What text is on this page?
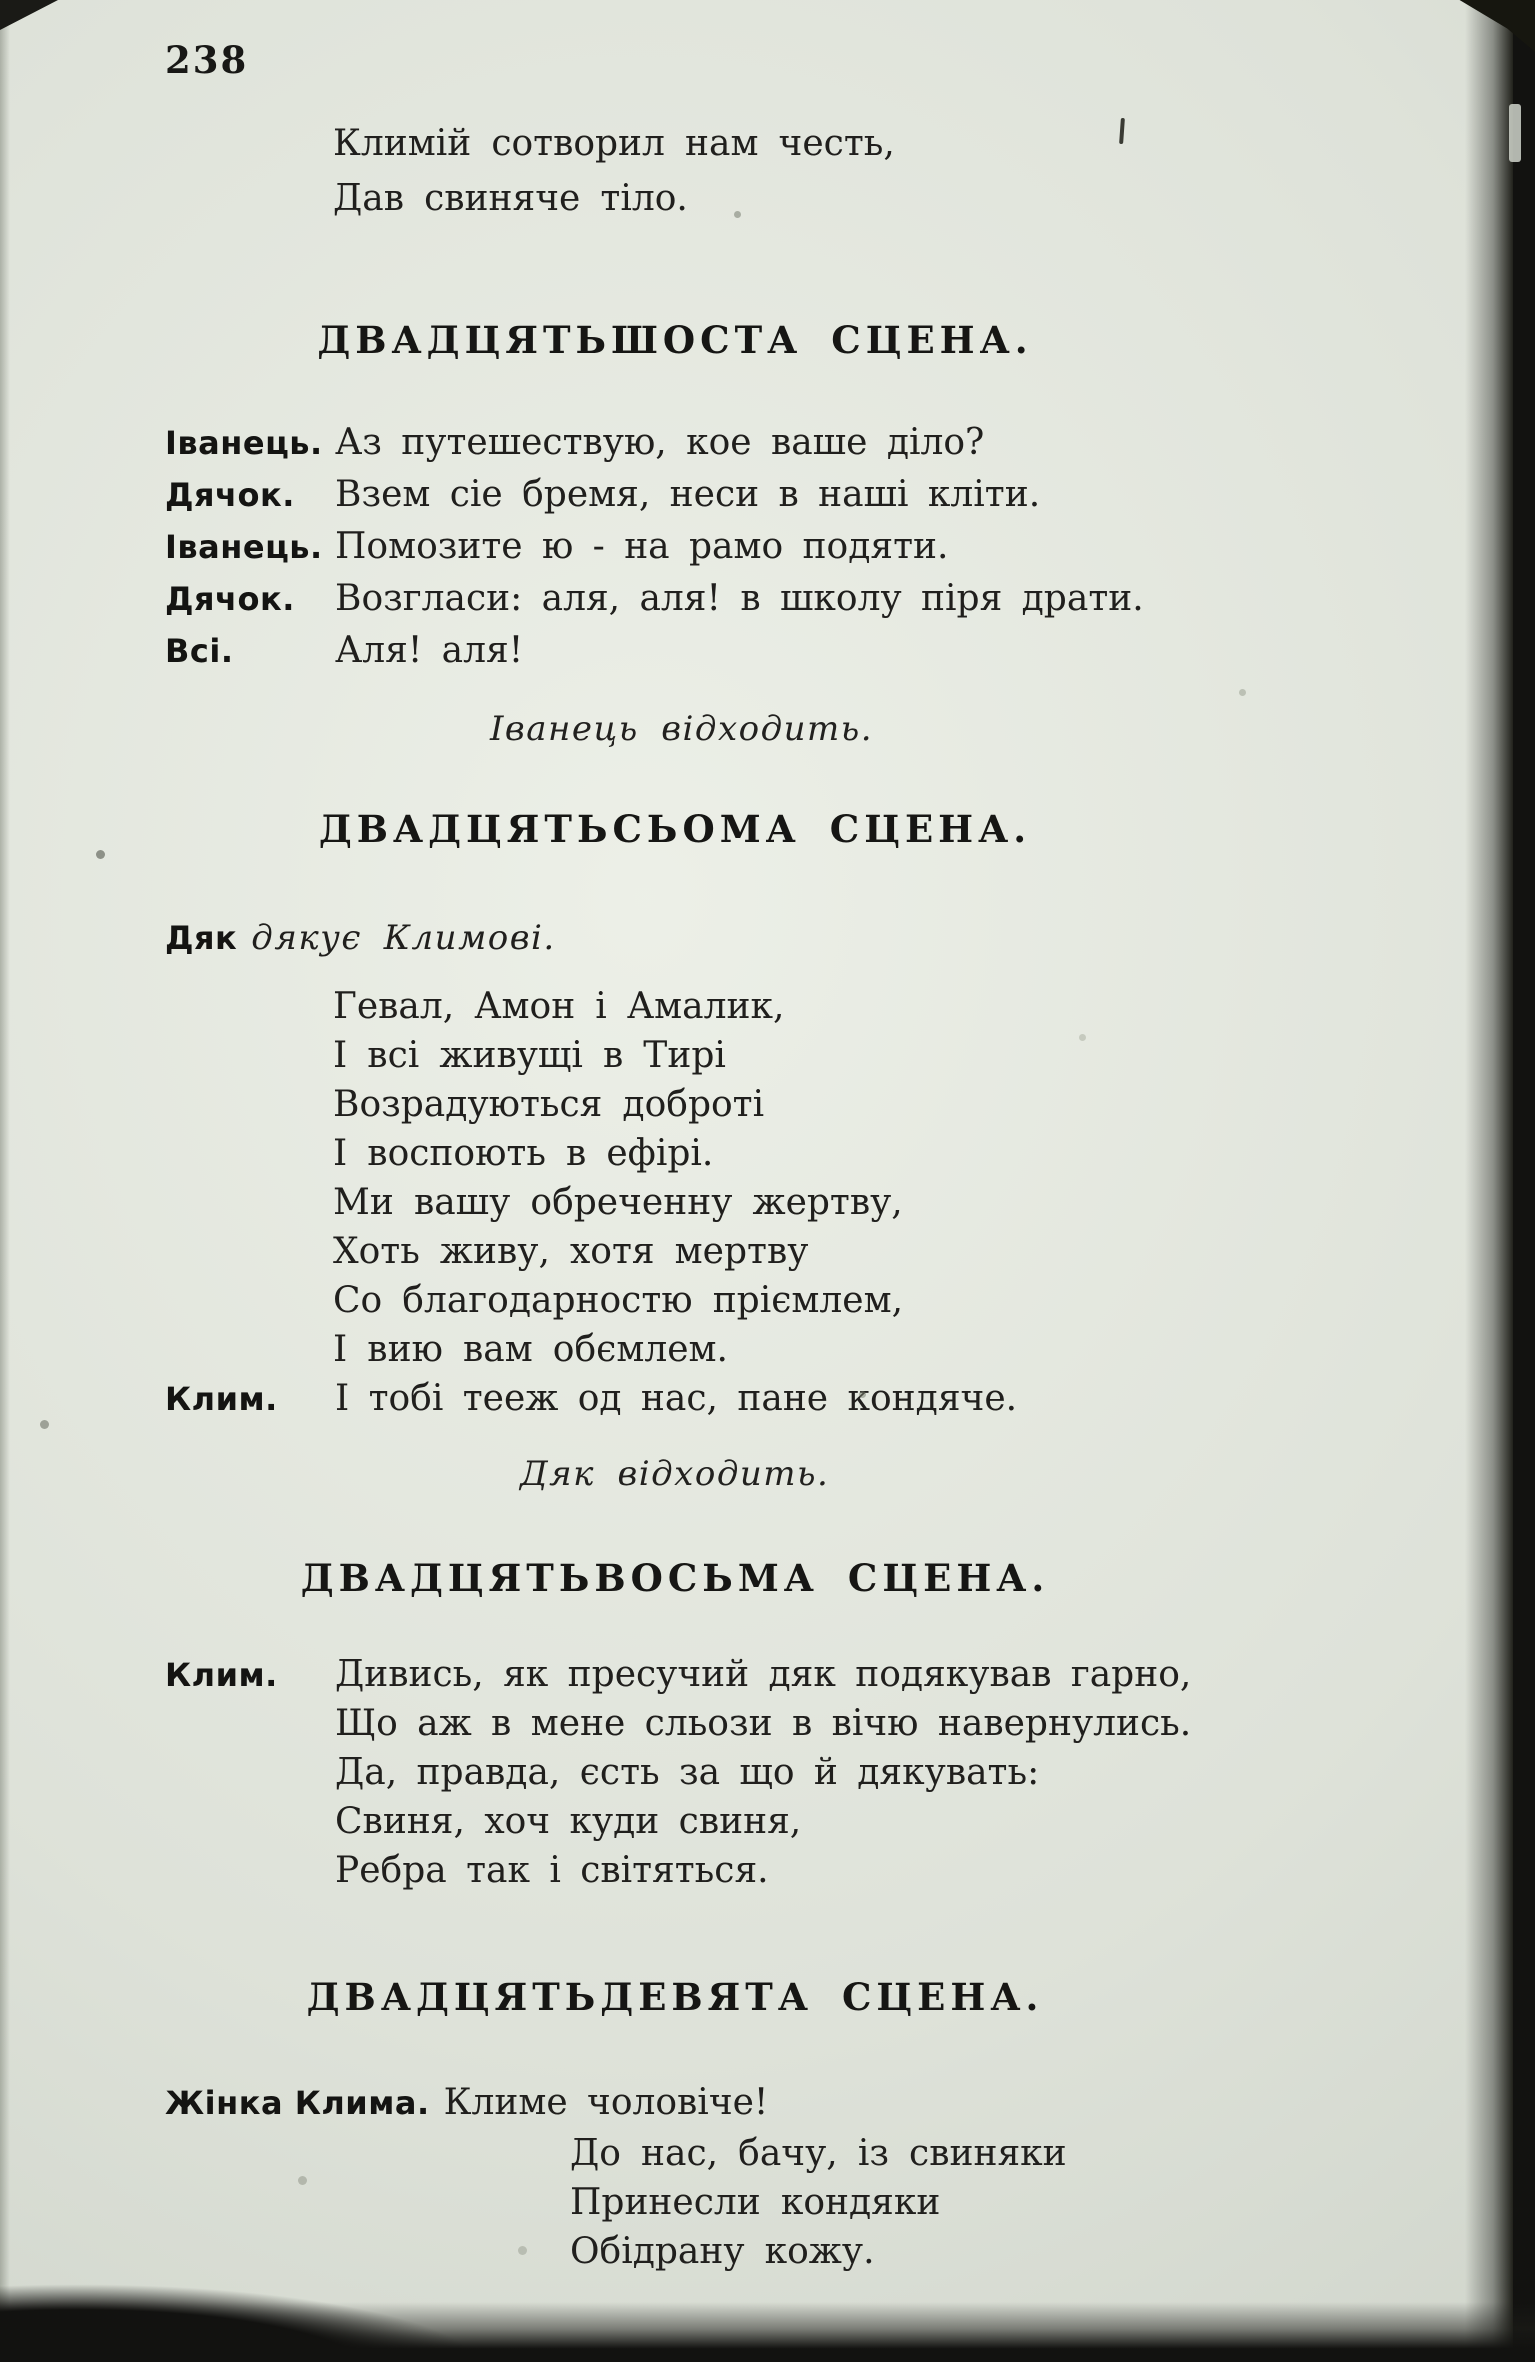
238
Климій сотворил нам честь,
Дав свиняче тіло.
ДВАДЦЯТЬШОСТА СЦЕНА.
Іванець. Аз путешествую, кое ваше діло?
Дячок.	Взем сіе бремя, неси в наші кліти.
Іванець. Помозите ю - на рамо подяти.
Дячок.	Возгласи: аля, аля! в школу піря драти.
Всі.	Аля! аля!
Іванець відходить.
ДВАДЦЯТЬСЬОМА СЦЕНА.
Дяк дякує Климові.
Гевал, Амон і Амалик,
І всі живущі в Тирі
Возрадуються доброті
І воспоють в ефірі.
Ми вашу обреченну жертву,
Хоть живу, хотя мертву
Со благодарностю пріємлем,
І вию вам обємлем.
Клим.	І тобі тееж од нас, пане кондяче.
Дяк відходить.
ДВАДЦЯТЬВОСЬМА СЦЕНА.
Клим.	Дивись, як пресучий дяк подякував гарно,
Що аж в мене сльози в вічю навернулись.
Да, правда, єсть за що й дякувать:
Свиня, хоч куди свиня,
Ребра так і світяться.
ДВАДЦЯТЬДЕВЯТА СЦЕНА.
Жінка Клима. Климе чоловіче!
До нас, бачу, із свиняки
Принесли кондяки
Обідрану кожу.
